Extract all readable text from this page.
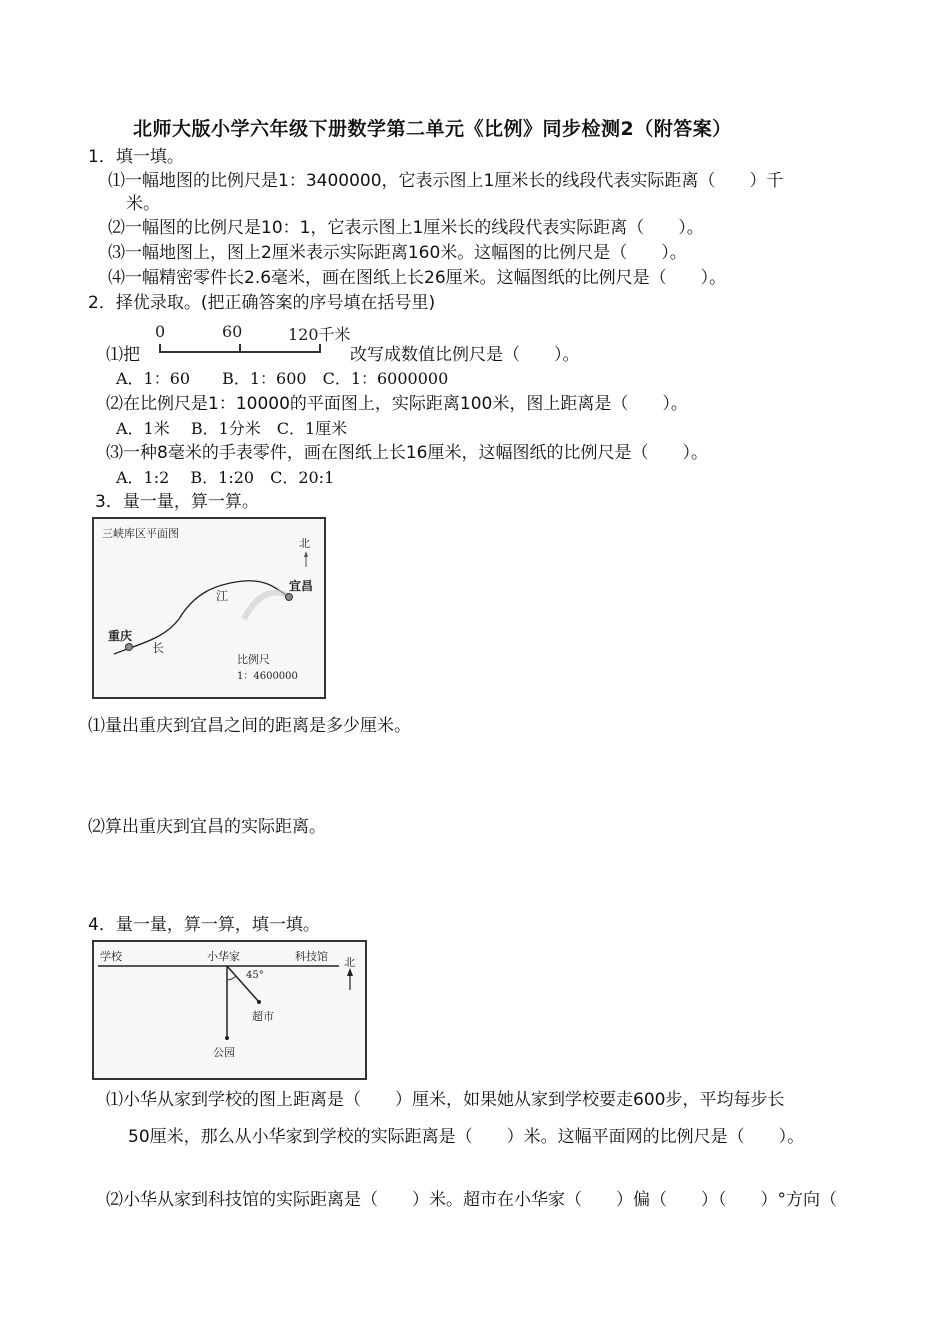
北师大版小学六年级下册数学第二单元《比例》同步检测2（附答案）
1．填一填。
⑴一幅地图的比例尺是1：3400000，它表示图上1厘米长的线段代表实际距离（　　）千
米。
⑵一幅图的比例尺是10：1，它表示图上1厘米长的线段代表实际距离（　　）。
⑶一幅地图上，图上2厘米表示实际距离160米。这幅图的比例尺是（　　）。
⑷一幅精密零件长2.6毫米，画在图纸上长26厘米。这幅图纸的比例尺是（　　）。
2．择优录取。(把正确答案的序号填在括号里)
0	60	120千米
⑴把	改写成数值比例尺是（　　）。
A．1：60　　B．1：600　C．1：6000000
⑵在比例尺是1：10000的平面图上，实际距离100米，图上距离是（　　）。
A．1米　 B．1分米　C．1厘米
⑶一种8毫米的手表零件，画在图纸上长16厘米，这幅图纸的比例尺是（　　）。
A．1:2　 B．1:20　C．20:1
3．量一量，算一算。
三峡库区平面图
北
宜昌
重庆
江
长
比例尺
1：4600000
⑴量出重庆到宜昌之间的距离是多少厘米。
⑵算出重庆到宜昌的实际距离。
4．量一量，算一算，填一填。
学校	小华家	科技馆 北
45°
超市
公园
⑴小华从家到学校的图上距离是（　　）厘米，如果她从家到学校要走600步，平均每步长
50厘米，那么从小华家到学校的实际距离是（　　）米。这幅平面网的比例尺是（　　）。
⑵小华从家到科技馆的实际距离是（　　）米。超市在小华家（　　）偏（　　）（　　）°方向（
